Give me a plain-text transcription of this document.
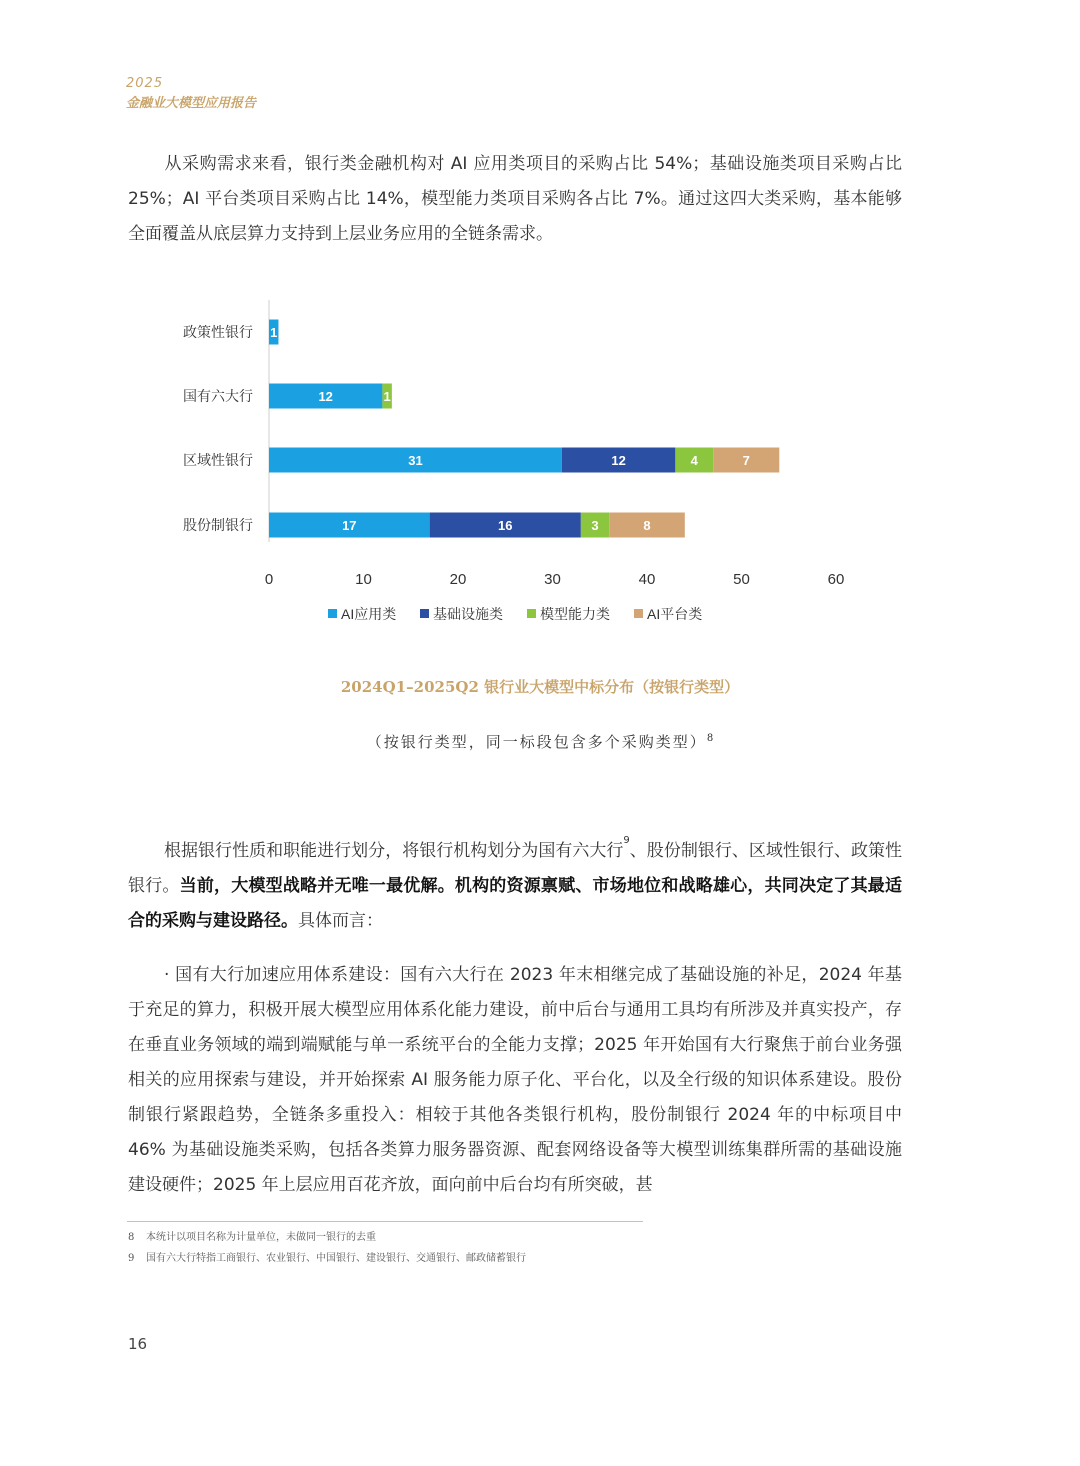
2025
金融业大模型应用报告

从采购需求来看，银行类金融机构对 AI 应用类项目的采购占比 54%；基础设施类项目采购占比 25%；AI 平台类项目采购占比 14%，模型能力类项目采购各占比 7%。通过这四大类采购，基本能够全面覆盖从底层算力支持到上层业务应用的全链条需求。

1
12	1
31	12	4	7
17	16	3	8
政策性银行
国有六大行
区域性银行
股份制银行
0	10	20	30	40	50	60
AI应用类	基础设施类	模型能力类	AI平台类
2024Q1–2025Q2 银行业大模型中标分布（按银行类型）
（按银行类型，同一标段包含多个采购类型）$^8$

根据银行性质和职能进行划分，将银行机构划分为国有六大行$^9$、股份制银行、区域性银行、政策性银行。当前，大模型战略并无唯一最优解。机构的资源禀赋、市场地位和战略雄心，共同决定了其最适合的采购与建设路径。具体而言：

· 国有大行加速应用体系建设：国有六大行在 2023 年末相继完成了基础设施的补足，2024 年基于充足的算力，积极开展大模型应用体系化能力建设，前中后台与通用工具均有所涉及并真实投产，存在垂直业务领域的端到端赋能与单一系统平台的全能力支撑；2025 年开始国有大行聚焦于前台业务强相关的应用探索与建设，并开始探索 AI 服务能力原子化、平台化，以及全行级的知识体系建设。股份制银行紧跟趋势，全链条多重投入：相较于其他各类银行机构，股份制银行 2024 年的中标项目中 46% 为基础设施类采购，包括各类算力服务器资源、配套网络设备等大模型训练集群所需的基础设施建设硬件；2025 年上层应用百花齐放，面向前中后台均有所突破，甚

8 本统计以项目名称为计量单位，未做同一银行的去重
9 国有六大行特指工商银行、农业银行、中国银行、建设银行、交通银行、邮政储蓄银行
16
